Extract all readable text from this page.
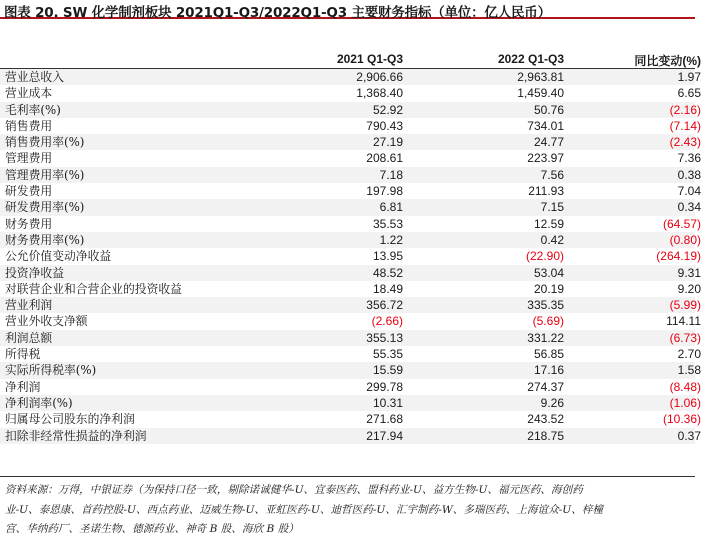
图表 20. SW 化学制剂板块 2021Q1-Q3/2022Q1-Q3 主要财务指标（单位：亿人民币）
2021 Q1-Q3	2022 Q1-Q3	同比变动(%)
营业总收入	2,906.66	2,963.81	1.97
营业成本	1,368.40	1,459.40	6.65
毛利率(%)	52.92	50.76	(2.16)
销售费用	790.43	734.01	(7.14)
销售费用率(%)	27.19	24.77	(2.43)
管理费用	208.61	223.97	7.36
管理费用率(%)	7.18	7.56	0.38
研发费用	197.98	211.93	7.04
研发费用率(%)	6.81	7.15	0.34
财务费用	35.53	12.59	(64.57)
财务费用率(%)	1.22	0.42	(0.80)
公允价值变动净收益	13.95	(22.90)	(264.19)
投资净收益	48.52	53.04	9.31
对联营企业和合营企业的投资收益	18.49	20.19	9.20
营业利润	356.72	335.35	(5.99)
营业外收支净额	(2.66)	(5.69)	114.11
利润总额	355.13	331.22	(6.73)
所得税	55.35	56.85	2.70
实际所得税率(%)	15.59	17.16	1.58
净利润	299.78	274.37	(8.48)
净利润率(%)	10.31	9.26	(1.06)
归属母公司股东的净利润	271.68	243.52	(10.36)
扣除非经常性损益的净利润	217.94	218.75	0.37
资料来源：万得，中银证券（为保持口径一致，剔除诺诚健华-U、宜泰医药、盟科药业-U、益方生物-U、福元医药、海创药
业-U、泰恩康、首药控股-U、西点药业、迈威生物-U、亚虹医药-U、迪哲医药-U、汇宇制药-W、多瑞医药、上海谊众-U、梓橦
宫、华纳药厂、圣诺生物、德源药业、神奇 B 股、海欣 B 股）
